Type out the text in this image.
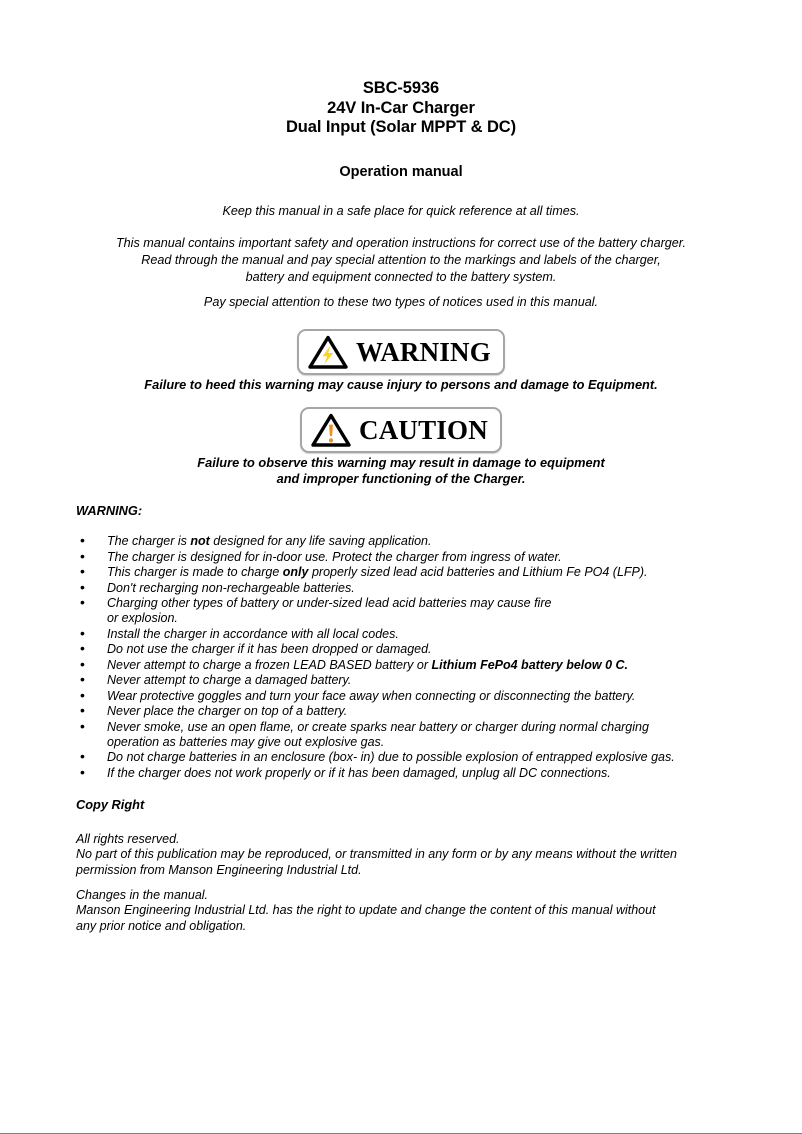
SBC-5936
24V In-Car Charger
Dual Input (Solar MPPT & DC)
Operation manual
Keep this manual in a safe place for quick reference at all times.
This manual contains important safety and operation instructions for correct use of the battery charger.
Read through the manual and pay special attention to the markings and labels of the charger,
battery and equipment connected to the battery system.
Pay special attention to these two types of notices used in this manual.
WARNING
Failure to heed this warning may cause injury to persons and damage to Equipment.
CAUTION
Failure to observe this warning may result in damage to equipment
and improper functioning of the Charger.
WARNING:
• The charger is not designed for any life saving application.
• The charger is designed for in-door use. Protect the charger from ingress of water.
• This charger is made to charge only properly sized lead acid batteries and Lithium Fe PO4 (LFP).
• Don't recharging non-rechargeable batteries.
• Charging other types of battery or under-sized lead acid batteries may cause fire
or explosion.
• Install the charger in accordance with all local codes.
• Do not use the charger if it has been dropped or damaged.
• Never attempt to charge a frozen LEAD BASED battery or Lithium FePo4 battery below 0 C.
• Never attempt to charge a damaged battery.
• Wear protective goggles and turn your face away when connecting or disconnecting the battery.
• Never place the charger on top of a battery.
• Never smoke, use an open flame, or create sparks near battery or charger during normal charging
operation as batteries may give out explosive gas.
• Do not charge batteries in an enclosure (box- in) due to possible explosion of entrapped explosive gas.
• If the charger does not work properly or if it has been damaged, unplug all DC connections.
Copy Right
All rights reserved.
No part of this publication may be reproduced, or transmitted in any form or by any means without the written
permission from Manson Engineering Industrial Ltd.
Changes in the manual.
Manson Engineering Industrial Ltd. has the right to update and change the content of this manual without
any prior notice and obligation.
